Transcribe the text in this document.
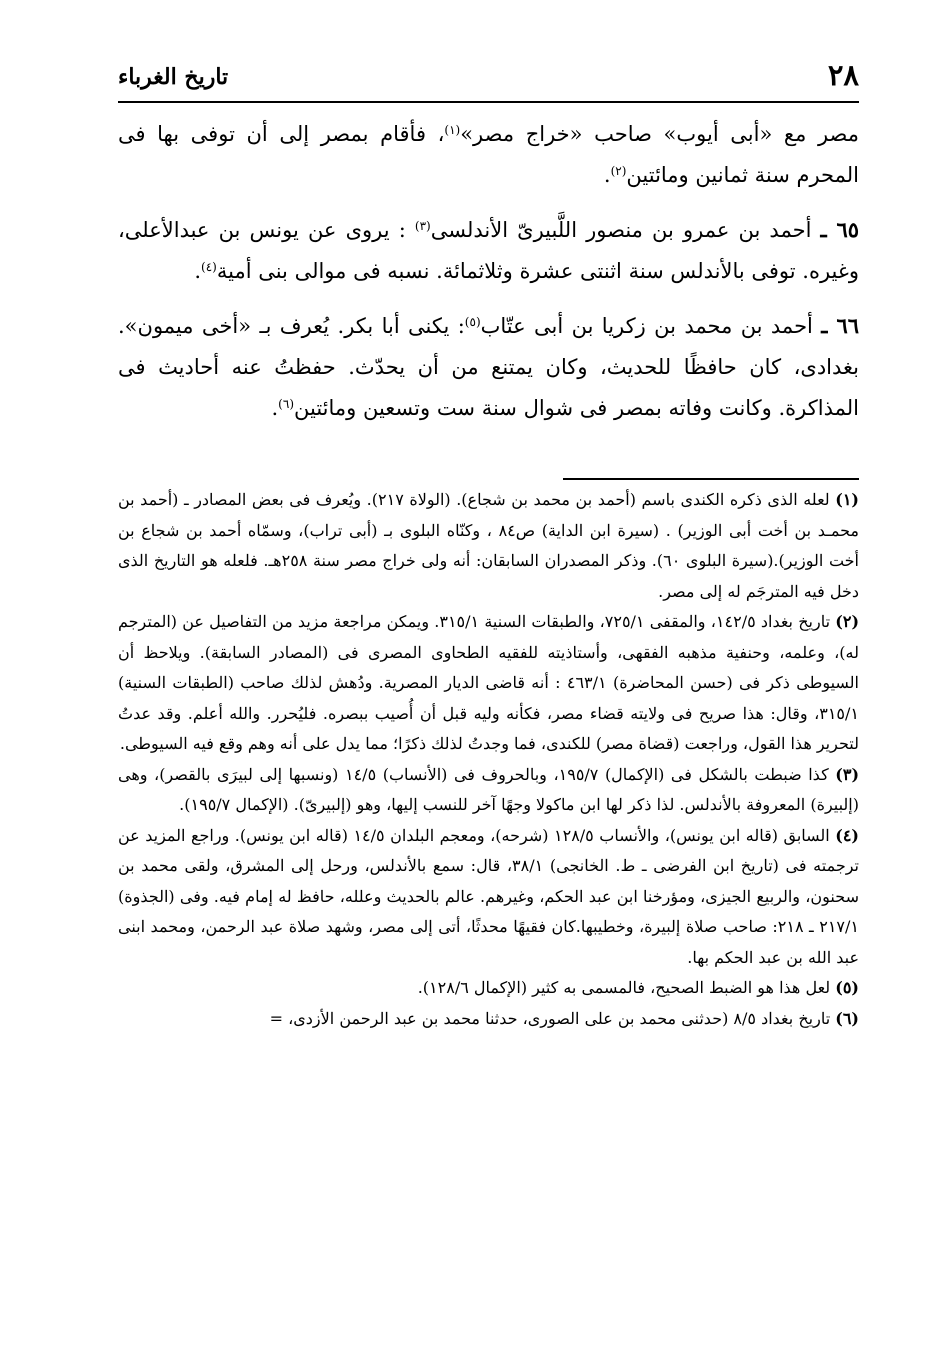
٢٨
تاريخ الغرباء

مصر مع «أبى أيوب» صاحب «خراج مصر»$^{(١)}$، فأقام بمصر إلى أن توفى بها فى المحرم سنة ثمانين ومائتين$^{(٢)}$.

٦٥ ـ أحمد بن عمرو بن منصور اللَّبيرىّ الأندلسى$^{(٣)}$ : يروى عن يونس بن عبدالأعلى، وغيره. توفى بالأندلس سنة اثنتى عشرة وثلاثمائة. نسبه فى موالى بنى أمية$^{(٤)}$.

٦٦ ـ أحمد بن محمد بن زكريا بن أبى عتّاب$^{(٥)}$: يكنى أبا بكر. يُعرف بـ «أخى ميمون». بغدادى، كان حافظًا للحديث، وكان يمتنع من أن يحدّث. حفظتُ عنه أحاديث فى المذاكرة. وكانت وفاته بمصر فى شوال سنة ست وتسعين ومائتين$^{(٦)}$.

(١) لعله الذى ذكره الكندى باسم (أحمد بن محمد بن شجاع). (الولاة ٢١٧). ويُعرف فى بعض المصادر ـ (أحمد بن محمـد بن أخت أبى الوزير) . (سيرة ابن الداية) ص٨٤ ، وكنّاه البلوى بـ (أبى تراب)، وسمّاه أحمد بن شجاع بن أخت الوزير).(سيرة البلوى ٦٠). وذكر المصدران السابقان: أنه ولى خراج مصر سنة ٢٥٨هـ. فلعله هو التاريخ الذى دخل فيه المترجَم له إلى مصر.

(٢) تاريخ بغداد ١٤٢/٥، والمقفى ٧٢٥/١، والطبقات السنية ٣١٥/١. ويمكن مراجعة مزيد من التفاصيل عن (المترجم له)، وعلمه، وحنفية مذهبه الفقهى، وأستاذيته للفقيه الطحاوى المصرى فى (المصادر السابقة). ويلاحظ أن السيوطى ذكر فى (حسن المحاضرة) ٤٦٣/١ : أنه قاضى الديار المصرية. ودُهش لذلك صاحب (الطبقات السنية) ٣١٥/١، وقال: هذا صريح فى ولايته قضاء مصر، فكأنه وليه قبل أن أُصيب ببصره. فليُحرر. والله أعلم. وقد عدتُ لتحرير هذا القول، وراجعت (قضاة مصر) للكندى، فما وجدتُ لذلك ذكرًا؛ مما يدل على أنه وهم وقع فيه السيوطى.

(٣) كذا ضبطت بالشكل فى (الإكمال) ١٩٥/٧، وبالحروف فى (الأنساب) ١٤/٥ (ونسبها إلى لبيرَى بالقصر)، وهى (إلبيرة) المعروفة بالأندلس. لذا ذكر لها ابن ماكولا وجهًا آخر للنسب إليها، وهو (إلبيرىّ). (الإكمال ١٩٥/٧).

(٤) السابق (قاله ابن يونس)، والأنساب ١٢٨/٥ (شرحه)، ومعجم البلدان ١٤/٥ (قاله ابن يونس). وراجع المزيد عن ترجمته فى (تاريخ ابن الفرضى ـ ط. الخانجى) ٣٨/١، قال: سمع بالأندلس، ورحل إلى المشرق، ولقى محمد بن سحنون، والربيع الجيزى، ومؤرخنا ابن عبد الحكم، وغيرهم. عالم بالحديث وعلله، حافظ له إمام فيه. وفى (الجذوة) ٢١٧/١ ـ ٢١٨: صاحب صلاة إلبيرة، وخطيبها.كان فقيهًا محدثًا، أتى إلى مصر، وشهد صلاة عبد الرحمن، ومحمد ابنى عبد الله بن عبد الحكم بها.

(٥) لعل هذا هو الضبط الصحيح، فالمسمى به كثير (الإكمال ١٢٨/٦).

(٦) تاريخ بغداد ٨/٥ (حدثنى محمد بن على الصورى، حدثنا محمد بن عبد الرحمن الأزدى، =
